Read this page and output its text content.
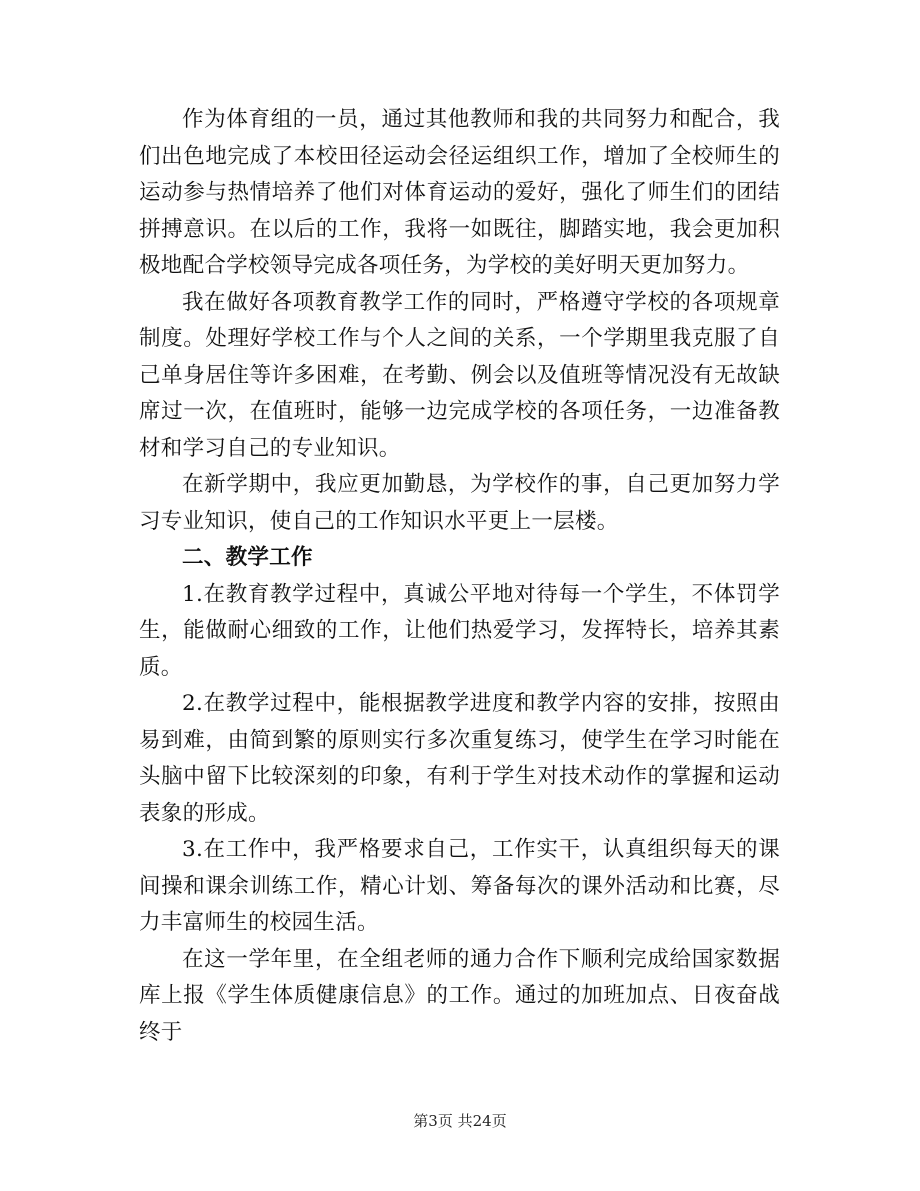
作为体育组的一员，通过其他教师和我的共同努力和配合，我们出色地完成了本校田径运动会径运组织工作，增加了全校师生的运动参与热情培养了他们对体育运动的爱好，强化了师生们的团结拼搏意识。在以后的工作，我将一如既往，脚踏实地，我会更加积极地配合学校领导完成各项任务，为学校的美好明天更加努力。

我在做好各项教育教学工作的同时，严格遵守学校的各项规章制度。处理好学校工作与个人之间的关系，一个学期里我克服了自己单身居住等许多困难，在考勤、例会以及值班等情况没有无故缺席过一次，在值班时，能够一边完成学校的各项任务，一边准备教材和学习自己的专业知识。

在新学期中，我应更加勤恳，为学校作的事，自己更加努力学习专业知识，使自己的工作知识水平更上一层楼。

二、教学工作

1.在教育教学过程中，真诚公平地对待每一个学生，不体罚学生，能做耐心细致的工作，让他们热爱学习，发挥特长，培养其素质。

2.在教学过程中，能根据教学进度和教学内容的安排，按照由易到难，由简到繁的原则实行多次重复练习，使学生在学习时能在头脑中留下比较深刻的印象，有利于学生对技术动作的掌握和运动表象的形成。

3.在工作中，我严格要求自己，工作实干，认真组织每天的课间操和课余训练工作，精心计划、筹备每次的课外活动和比赛，尽力丰富师生的校园生活。

在这一学年里，在全组老师的通力合作下顺利完成给国家数据库上报《学生体质健康信息》的工作。通过的加班加点、日夜奋战终于

第3页 共24页
